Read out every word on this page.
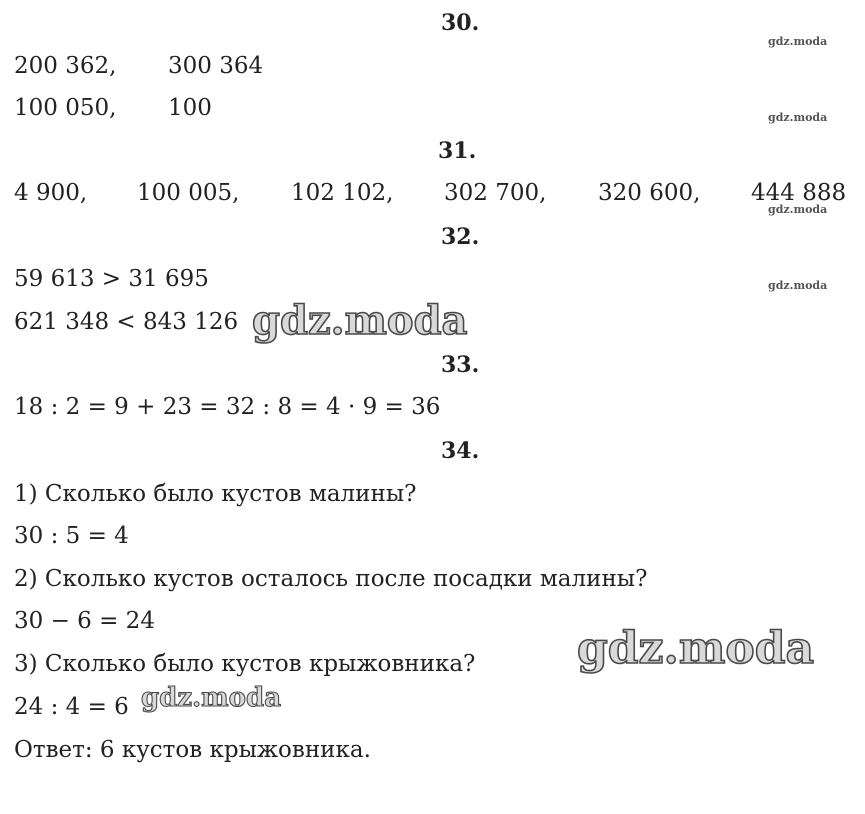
30.
200 362, 300 364
100 050, 100
31.
4 900, 100 005, 102 102, 302 700, 320 600, 444 888
32.
59 613 > 31 695
621 348 < 843 126
33.
18 : 2 = 9 + 23 = 32 : 8 = 4 · 9 = 36
34.
1) Сколько было кустов малины?
30 : 5 = 4
2) Сколько кустов осталось после посадки малины?
30 − 6 = 24
3) Сколько было кустов крыжовника?
24 : 4 = 6
Ответ: 6 кустов крыжовника.
gdz.moda
gdz.moda
gdz.moda
gdz.moda
gdz.moda
gdz.moda
gdz.moda
